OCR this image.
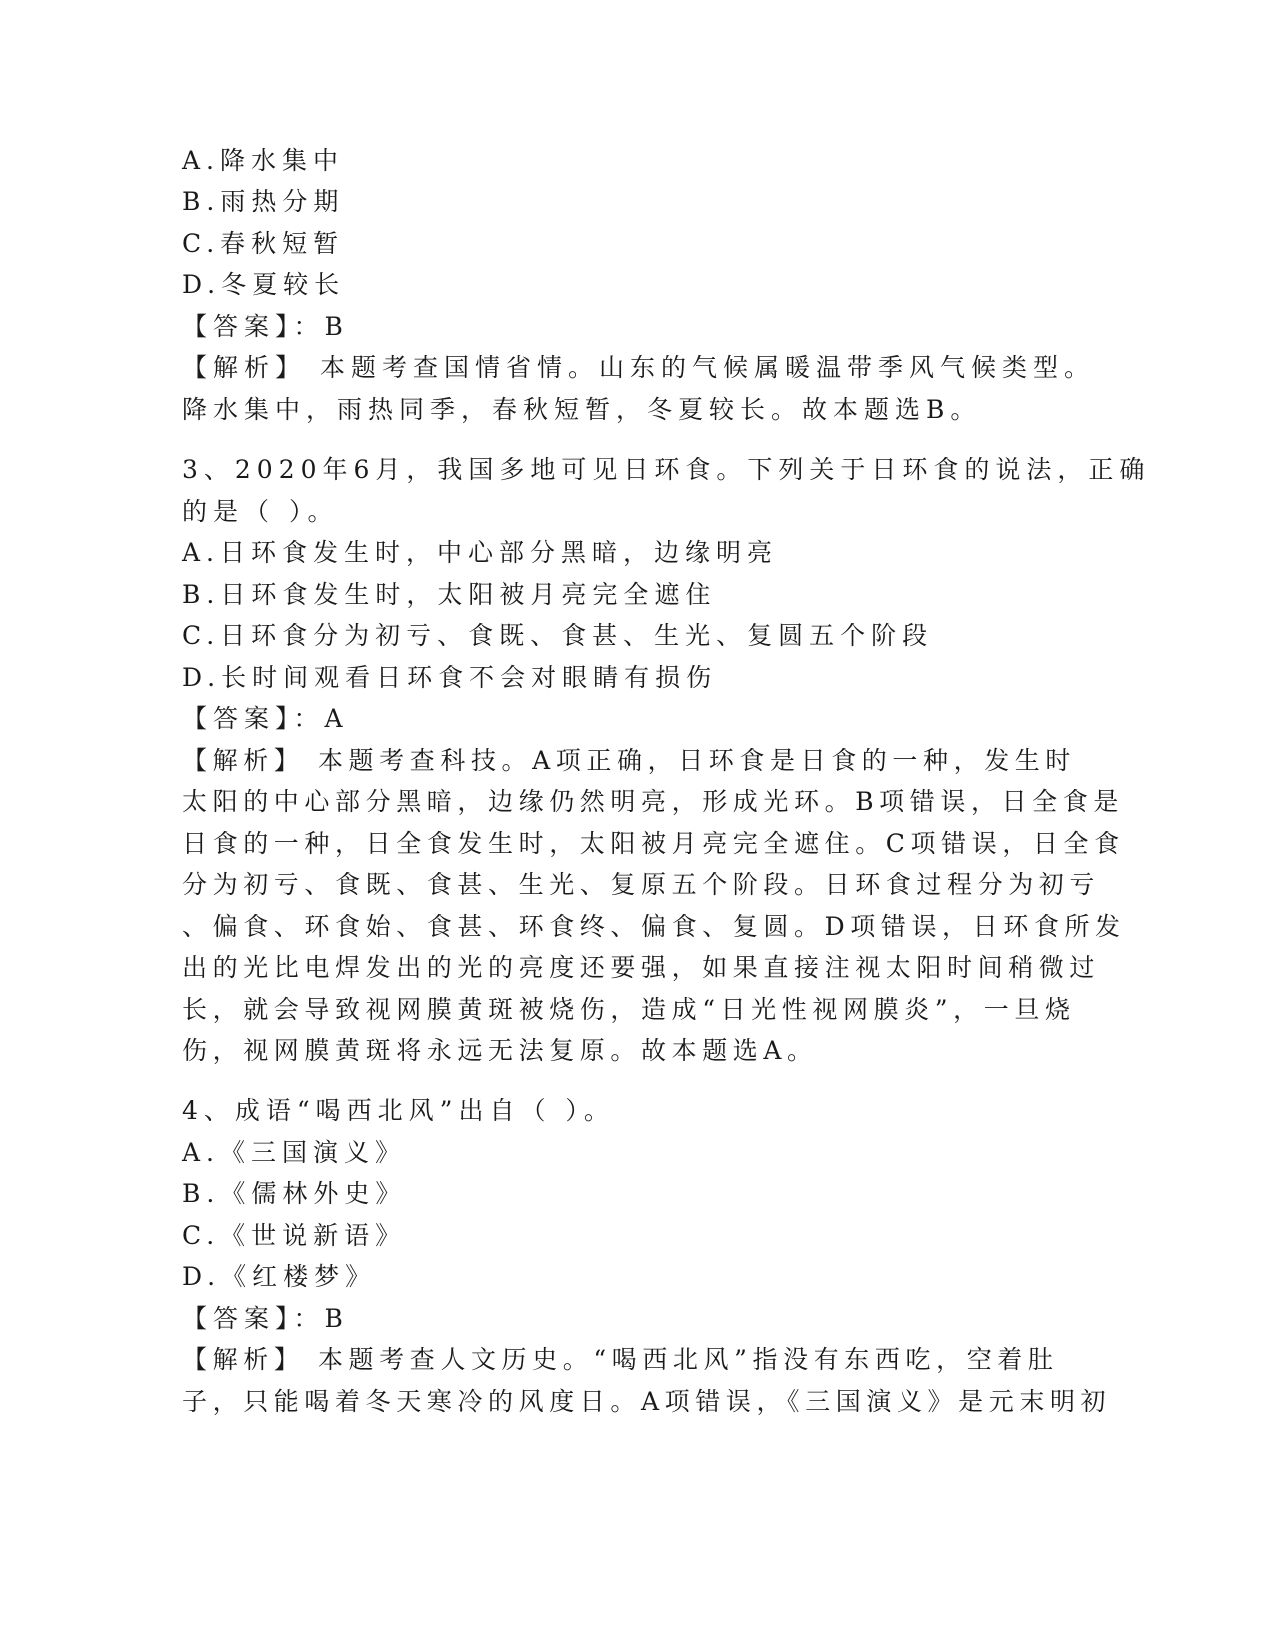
A.降水集中
B.雨热分期
C.春秋短暂
D.冬夏较长
【答案】：B
【解析】 本题考查国情省情。山东的气候属暖温带季风气候类型。
降水集中，雨热同季，春秋短暂，冬夏较长。故本题选B。
3、2020年6月，我国多地可见日环食。下列关于日环食的说法，正确
的是（ ）。
A.日环食发生时，中心部分黑暗，边缘明亮
B.日环食发生时，太阳被月亮完全遮住
C.日环食分为初亏、食既、食甚、生光、复圆五个阶段
D.长时间观看日环食不会对眼睛有损伤
【答案】：A
【解析】 本题考查科技。A项正确，日环食是日食的一种，发生时
太阳的中心部分黑暗，边缘仍然明亮，形成光环。B项错误，日全食是
日食的一种，日全食发生时，太阳被月亮完全遮住。C项错误，日全食
分为初亏、食既、食甚、生光、复原五个阶段。日环食过程分为初亏
、偏食、环食始、食甚、环食终、偏食、复圆。D项错误，日环食所发
出的光比电焊发出的光的亮度还要强，如果直接注视太阳时间稍微过
长，就会导致视网膜黄斑被烧伤，造成“日光性视网膜炎”，一旦烧
伤，视网膜黄斑将永远无法复原。故本题选A。
4、成语“喝西北风”出自（ ）。
A.《三国演义》
B.《儒林外史》
C.《世说新语》
D.《红楼梦》
【答案】：B
【解析】 本题考查人文历史。“喝西北风”指没有东西吃，空着肚
子，只能喝着冬天寒冷的风度日。A项错误，《三国演义》是元末明初
